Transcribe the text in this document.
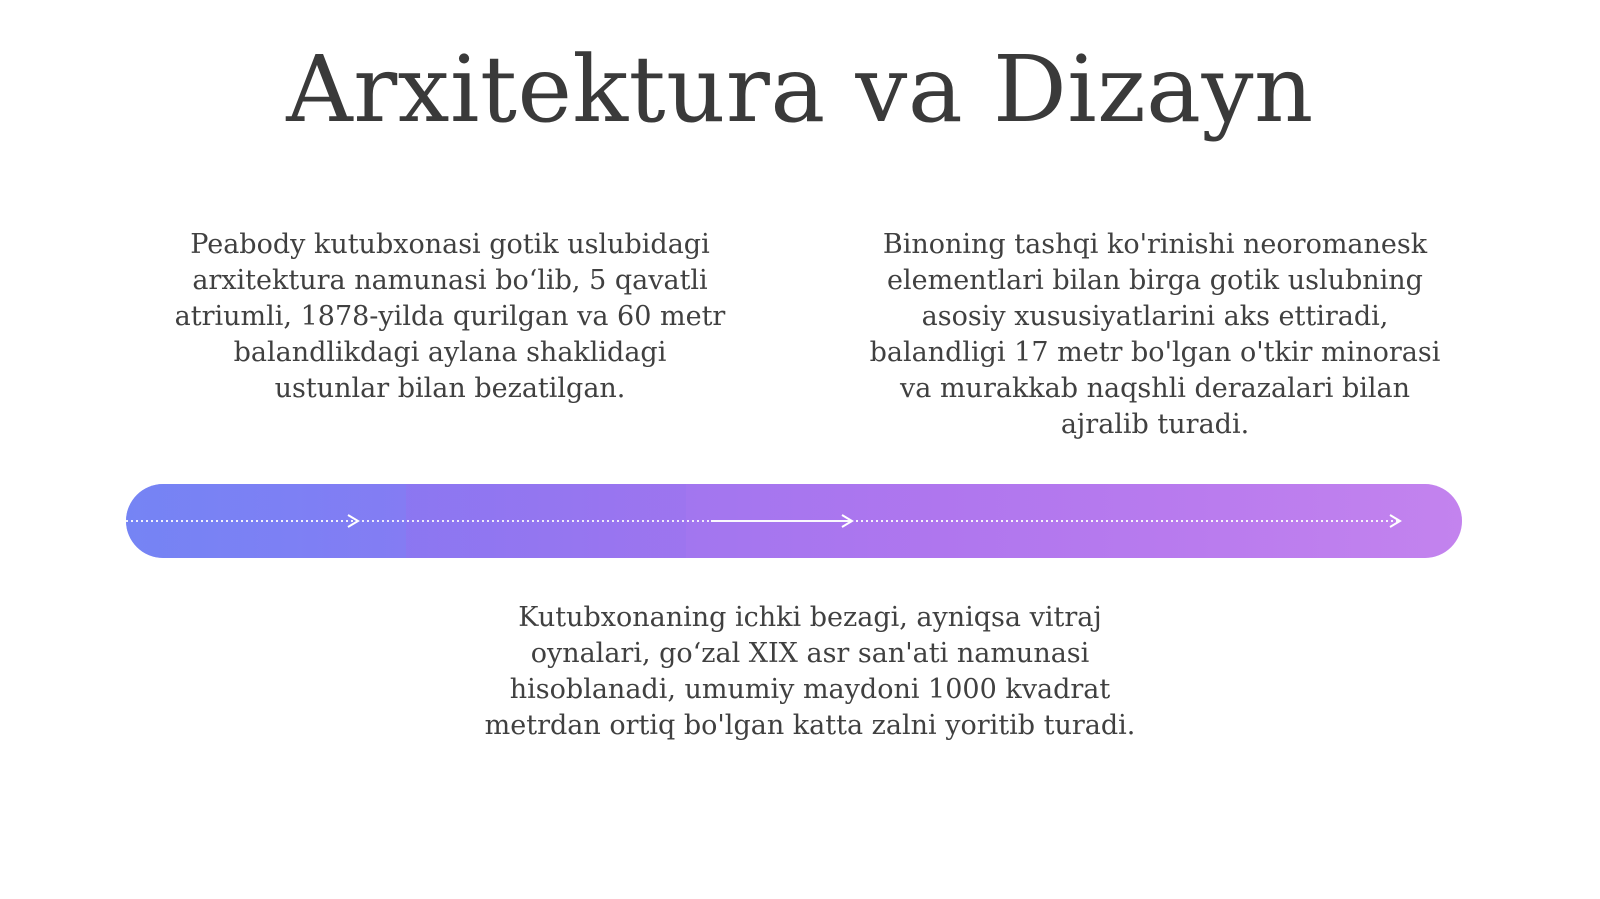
Arxitektura va Dizayn
Peabody kutubxonasi gotik uslubidagi
arxitektura namunasi bo‘lib, 5 qavatli
atriumli, 1878-yilda qurilgan va 60 metr
balandlikdagi aylana shaklidagi
ustunlar bilan bezatilgan.
Binoning tashqi ko'rinishi neoromanesk
elementlari bilan birga gotik uslubning
asosiy xususiyatlarini aks ettiradi,
balandligi 17 metr bo'lgan o'tkir minorasi
va murakkab naqshli derazalari bilan
ajralib turadi.
Kutubxonaning ichki bezagi, ayniqsa vitraj
oynalari, go‘zal XIX asr san'ati namunasi
hisoblanadi, umumiy maydoni 1000 kvadrat
metrdan ortiq bo'lgan katta zalni yoritib turadi.
